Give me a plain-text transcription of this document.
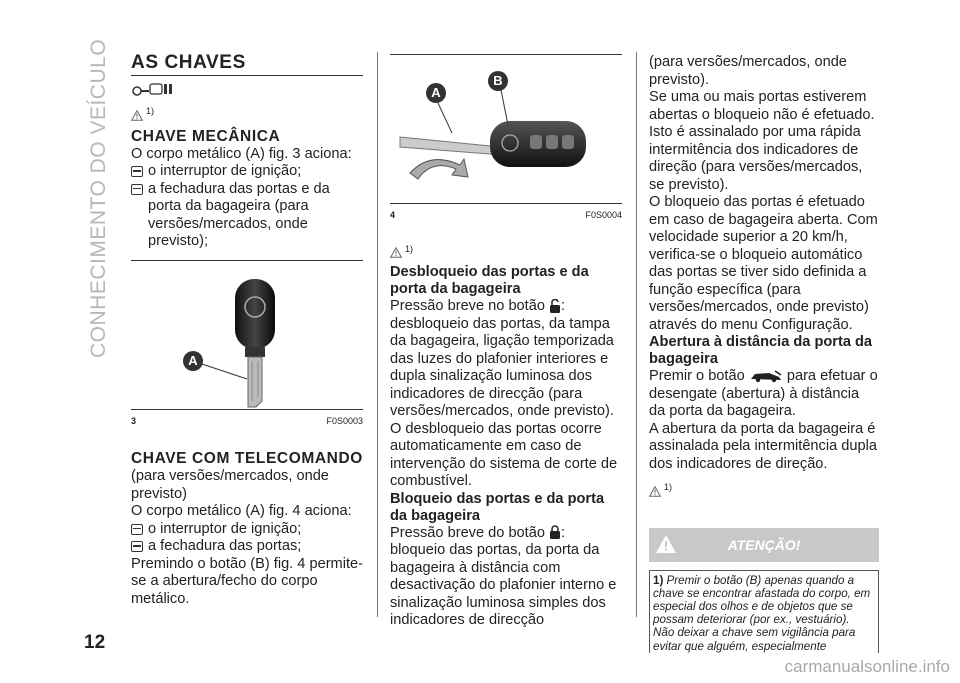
CONHECIMENTO DO VEÍCULO AS CHAVES
1)
CHAVE MECÂNICA

O corpo metálico (A) fig. 3 aciona:

o interruptor de ignição;
a fechadura das portas e da porta da bagageira (para versões/mercados, onde previsto);
A
3	F0S0003
CHAVE COM TELECOMANDO

(para versões/mercados, onde previsto)

O corpo metálico (A) fig. 4 aciona:

o interruptor de ignição;
a fechadura das portas;

Premindo o botão (B) fig. 4 permite-se a abertura/fecho do corpo metálico.

A
B
4	F0S0004
1)
Desbloqueio das portas e da porta da bagageira

Pressão breve no botão : desbloqueio das portas, da tampa da bagageira, ligação temporizada das luzes do plafonier interiores e dupla sinalização luminosa dos indicadores de direcção (para versões/mercados, onde previsto).

O desbloqueio das portas ocorre automaticamente em caso de intervenção do sistema de corte de combustível.

Bloqueio das portas e da porta da bagageira

Pressão breve do botão : bloqueio das portas, da porta da bagageira à distância com desactivação do plafonier interno e sinalização luminosa simples dos indicadores de direcção

(para versões/mercados, onde previsto).

Se uma ou mais portas estiverem abertas o bloqueio não é efetuado. Isto é assinalado por uma rápida intermitência dos indicadores de direção (para versões/mercados, se previsto).

O bloqueio das portas é efetuado em caso de bagageira aberta. Com velocidade superior a 20 km/h, verifica-se o bloqueio automático das portas se tiver sido definida a função específica (para versões/mercados, onde previsto) através do menu Configuração.

Abertura à distância da porta da bagageira

Premir o botão	para efetuar o desengate (abertura) à distância da porta da bagageira.

A abertura da porta da bagageira é assinalada pela intermitência dupla dos indicadores de direção.

1)
ATENÇÃO!
1) Premir o botão (B) apenas quando a chave se encontrar afastada do corpo, em especial dos olhos e de objetos que se possam deteriorar (por ex., vestuário). Não deixar a chave sem vigilância para evitar que alguém, especialmente
12
carmanualsonline.info
